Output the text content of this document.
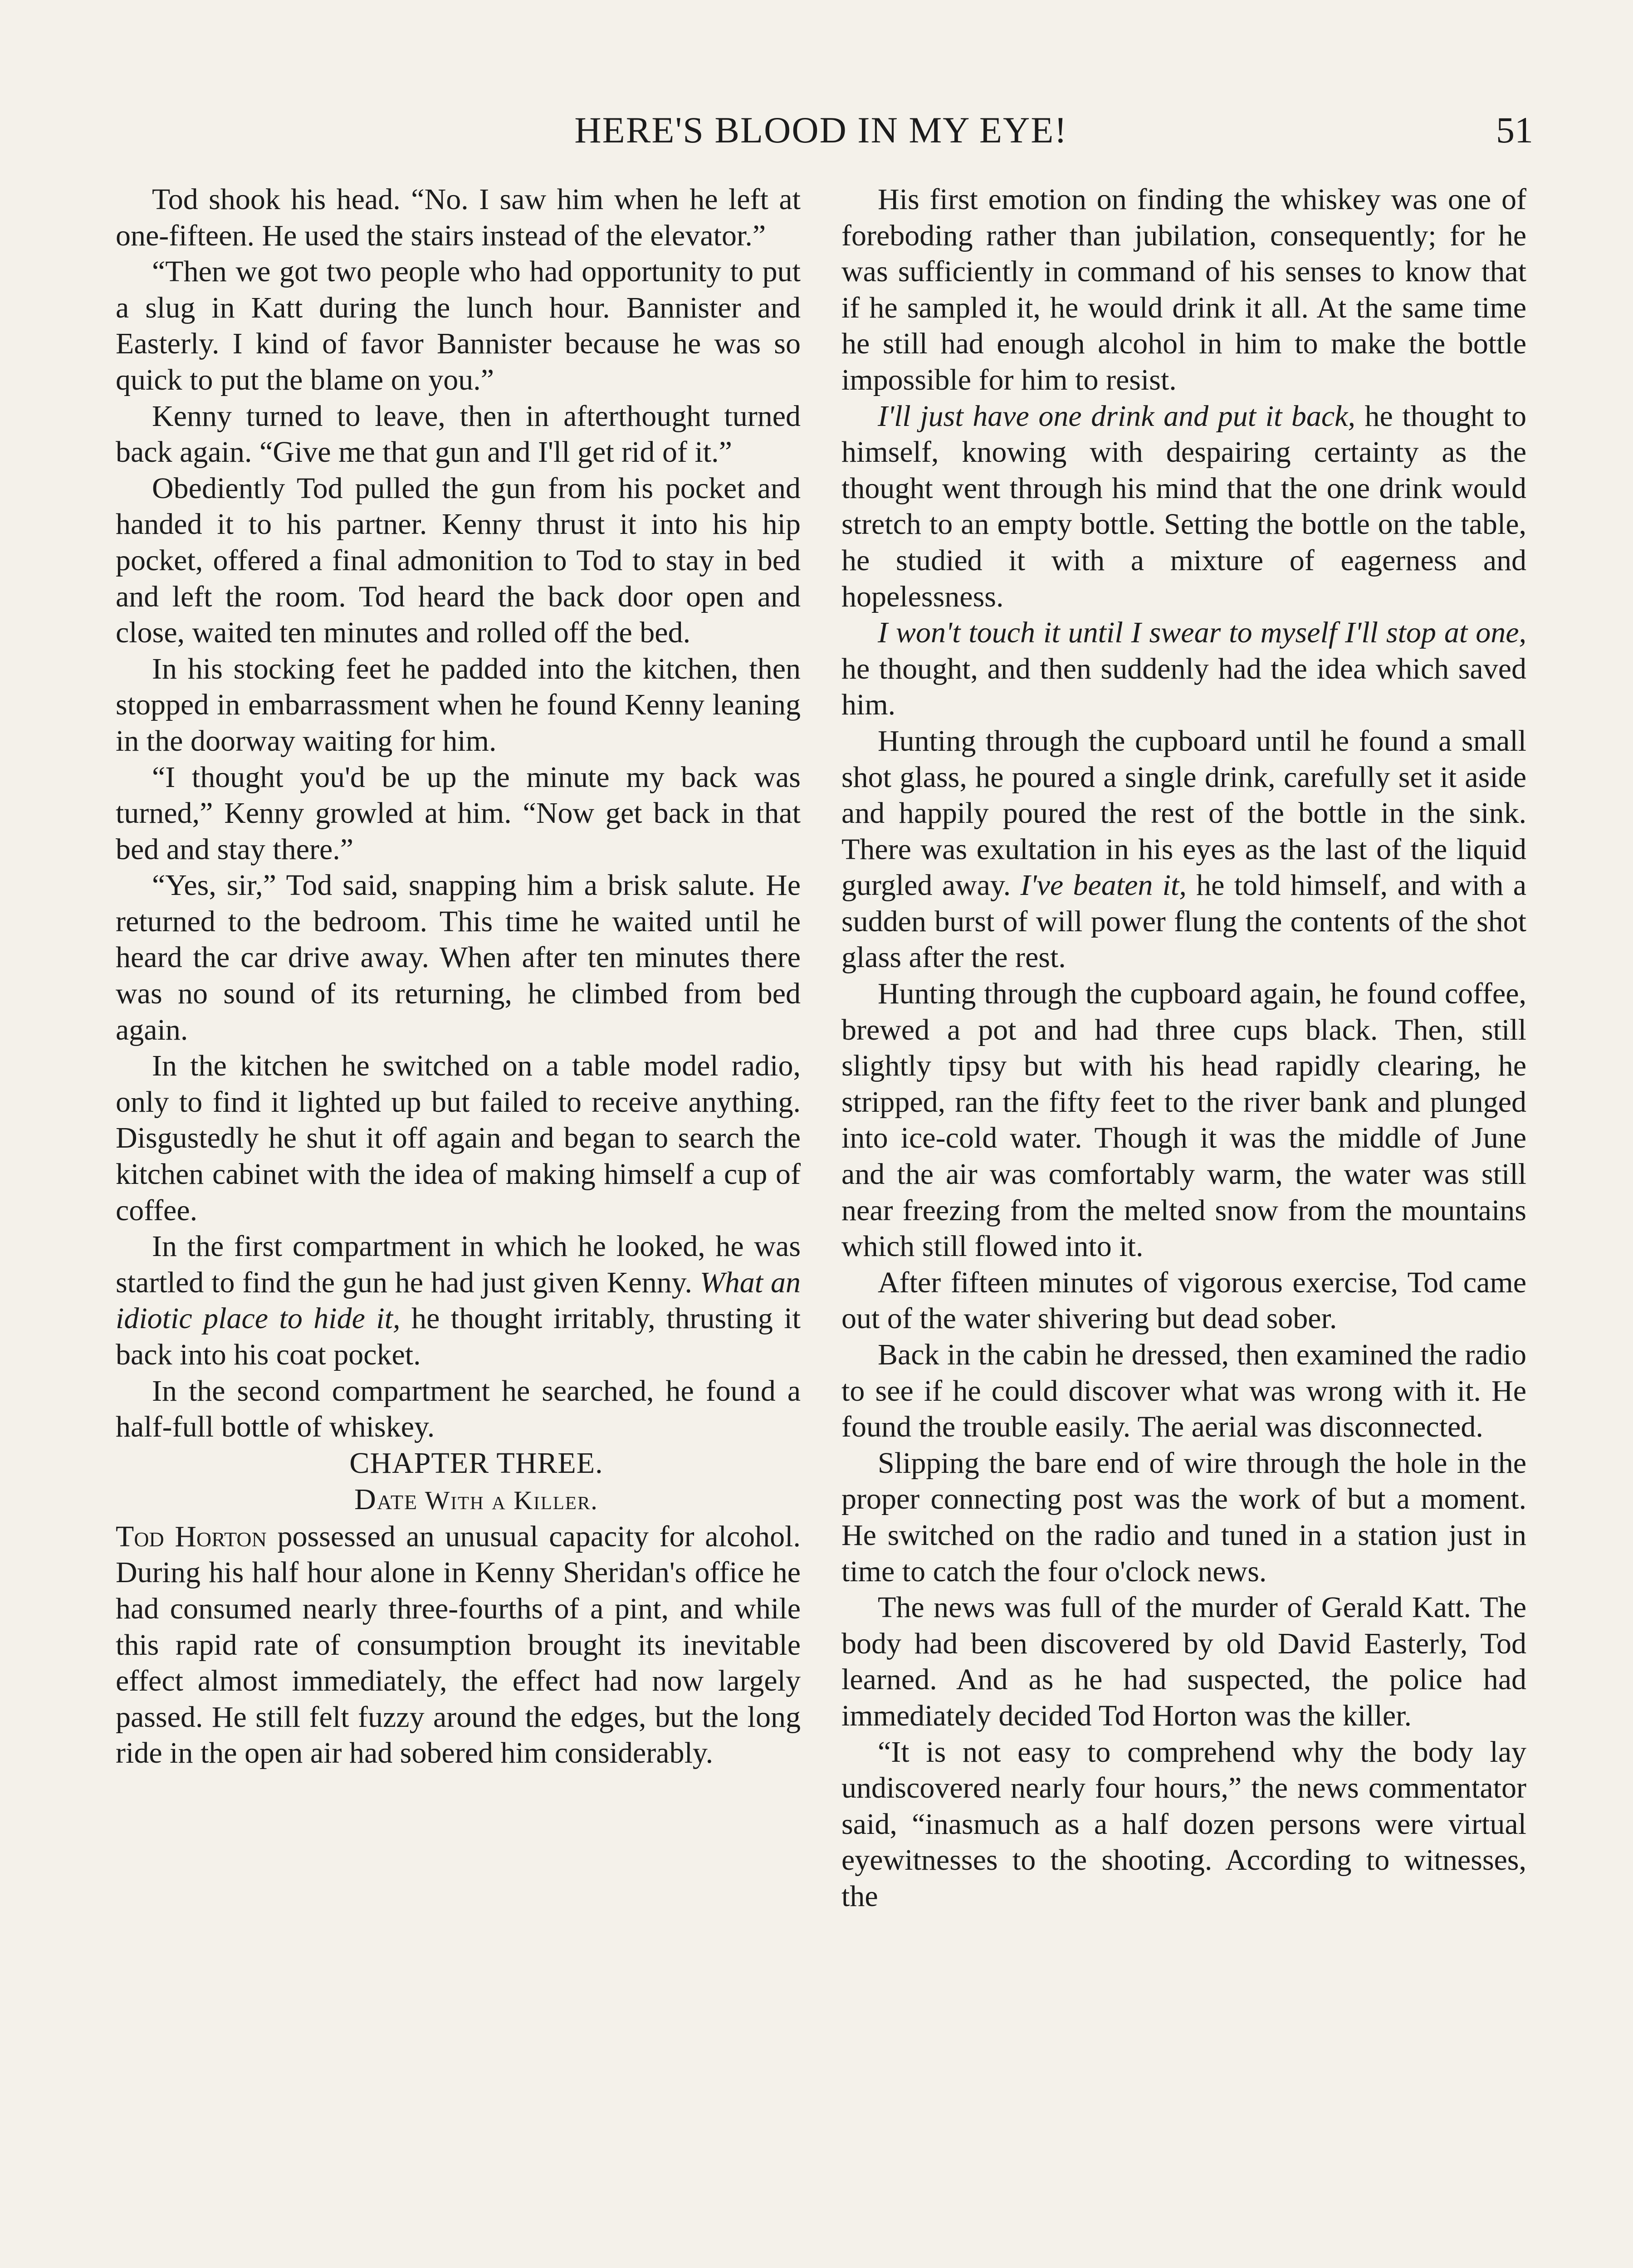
HERE'S BLOOD IN MY EYE!	51

Tod shook his head. “No. I saw him when he left at one-fifteen. He used the stairs instead of the elevator.”

“Then we got two people who had opportunity to put a slug in Katt during the lunch hour. Bannister and Easterly. I kind of favor Bannister because he was so quick to put the blame on you.”

Kenny turned to leave, then in afterthought turned back again. “Give me that gun and I'll get rid of it.”

Obediently Tod pulled the gun from his pocket and handed it to his partner. Kenny thrust it into his hip pocket, offered a final admonition to Tod to stay in bed and left the room. Tod heard the back door open and close, waited ten minutes and rolled off the bed.

In his stocking feet he padded into the kitchen, then stopped in embarrassment when he found Kenny leaning in the doorway waiting for him.

“I thought you'd be up the minute my back was turned,” Kenny growled at him. “Now get back in that bed and stay there.”

“Yes, sir,” Tod said, snapping him a brisk salute. He returned to the bedroom. This time he waited until he heard the car drive away. When after ten minutes there was no sound of its returning, he climbed from bed again.

In the kitchen he switched on a table model radio, only to find it lighted up but failed to receive anything. Disgustedly he shut it off again and began to search the kitchen cabinet with the idea of making himself a cup of coffee.

In the first compartment in which he looked, he was startled to find the gun he had just given Kenny. What an idiotic place to hide it, he thought irritably, thrusting it back into his coat pocket.

In the second compartment he searched, he found a half-full bottle of whiskey.

CHAPTER THREE.

Date With a Killer.

Tod Horton possessed an unusual capacity for alcohol. During his half hour alone in Kenny Sheridan's office he had consumed nearly three-fourths of a pint, and while this rapid rate of consumption brought its inevitable effect almost immediately, the effect had now largely passed. He still felt fuzzy around the edges, but the long ride in the open air had sobered him considerably.

His first emotion on finding the whiskey was one of foreboding rather than jubilation, consequently; for he was sufficiently in command of his senses to know that if he sampled it, he would drink it all. At the same time he still had enough alcohol in him to make the bottle impossible for him to resist.

I'll just have one drink and put it back, he thought to himself, knowing with despairing certainty as the thought went through his mind that the one drink would stretch to an empty bottle. Setting the bottle on the table, he studied it with a mixture of eagerness and hopelessness.

I won't touch it until I swear to myself I'll stop at one, he thought, and then suddenly had the idea which saved him.

Hunting through the cupboard until he found a small shot glass, he poured a single drink, carefully set it aside and happily poured the rest of the bottle in the sink. There was exultation in his eyes as the last of the liquid gurgled away. I've beaten it, he told himself, and with a sudden burst of will power flung the contents of the shot glass after the rest.

Hunting through the cupboard again, he found coffee, brewed a pot and had three cups black. Then, still slightly tipsy but with his head rapidly clearing, he stripped, ran the fifty feet to the river bank and plunged into ice-cold water. Though it was the middle of June and the air was comfortably warm, the water was still near freezing from the melted snow from the mountains which still flowed into it.

After fifteen minutes of vigorous exercise, Tod came out of the water shivering but dead sober.

Back in the cabin he dressed, then examined the radio to see if he could discover what was wrong with it. He found the trouble easily. The aerial was disconnected.

Slipping the bare end of wire through the hole in the proper connecting post was the work of but a moment. He switched on the radio and tuned in a station just in time to catch the four o'clock news.

The news was full of the murder of Gerald Katt. The body had been discovered by old David Easterly, Tod learned. And as he had suspected, the police had immediately decided Tod Horton was the killer.

“It is not easy to comprehend why the body lay undiscovered nearly four hours,” the news commentator said, “inasmuch as a half dozen persons were virtual eyewitnesses to the shooting. According to witnesses, the
